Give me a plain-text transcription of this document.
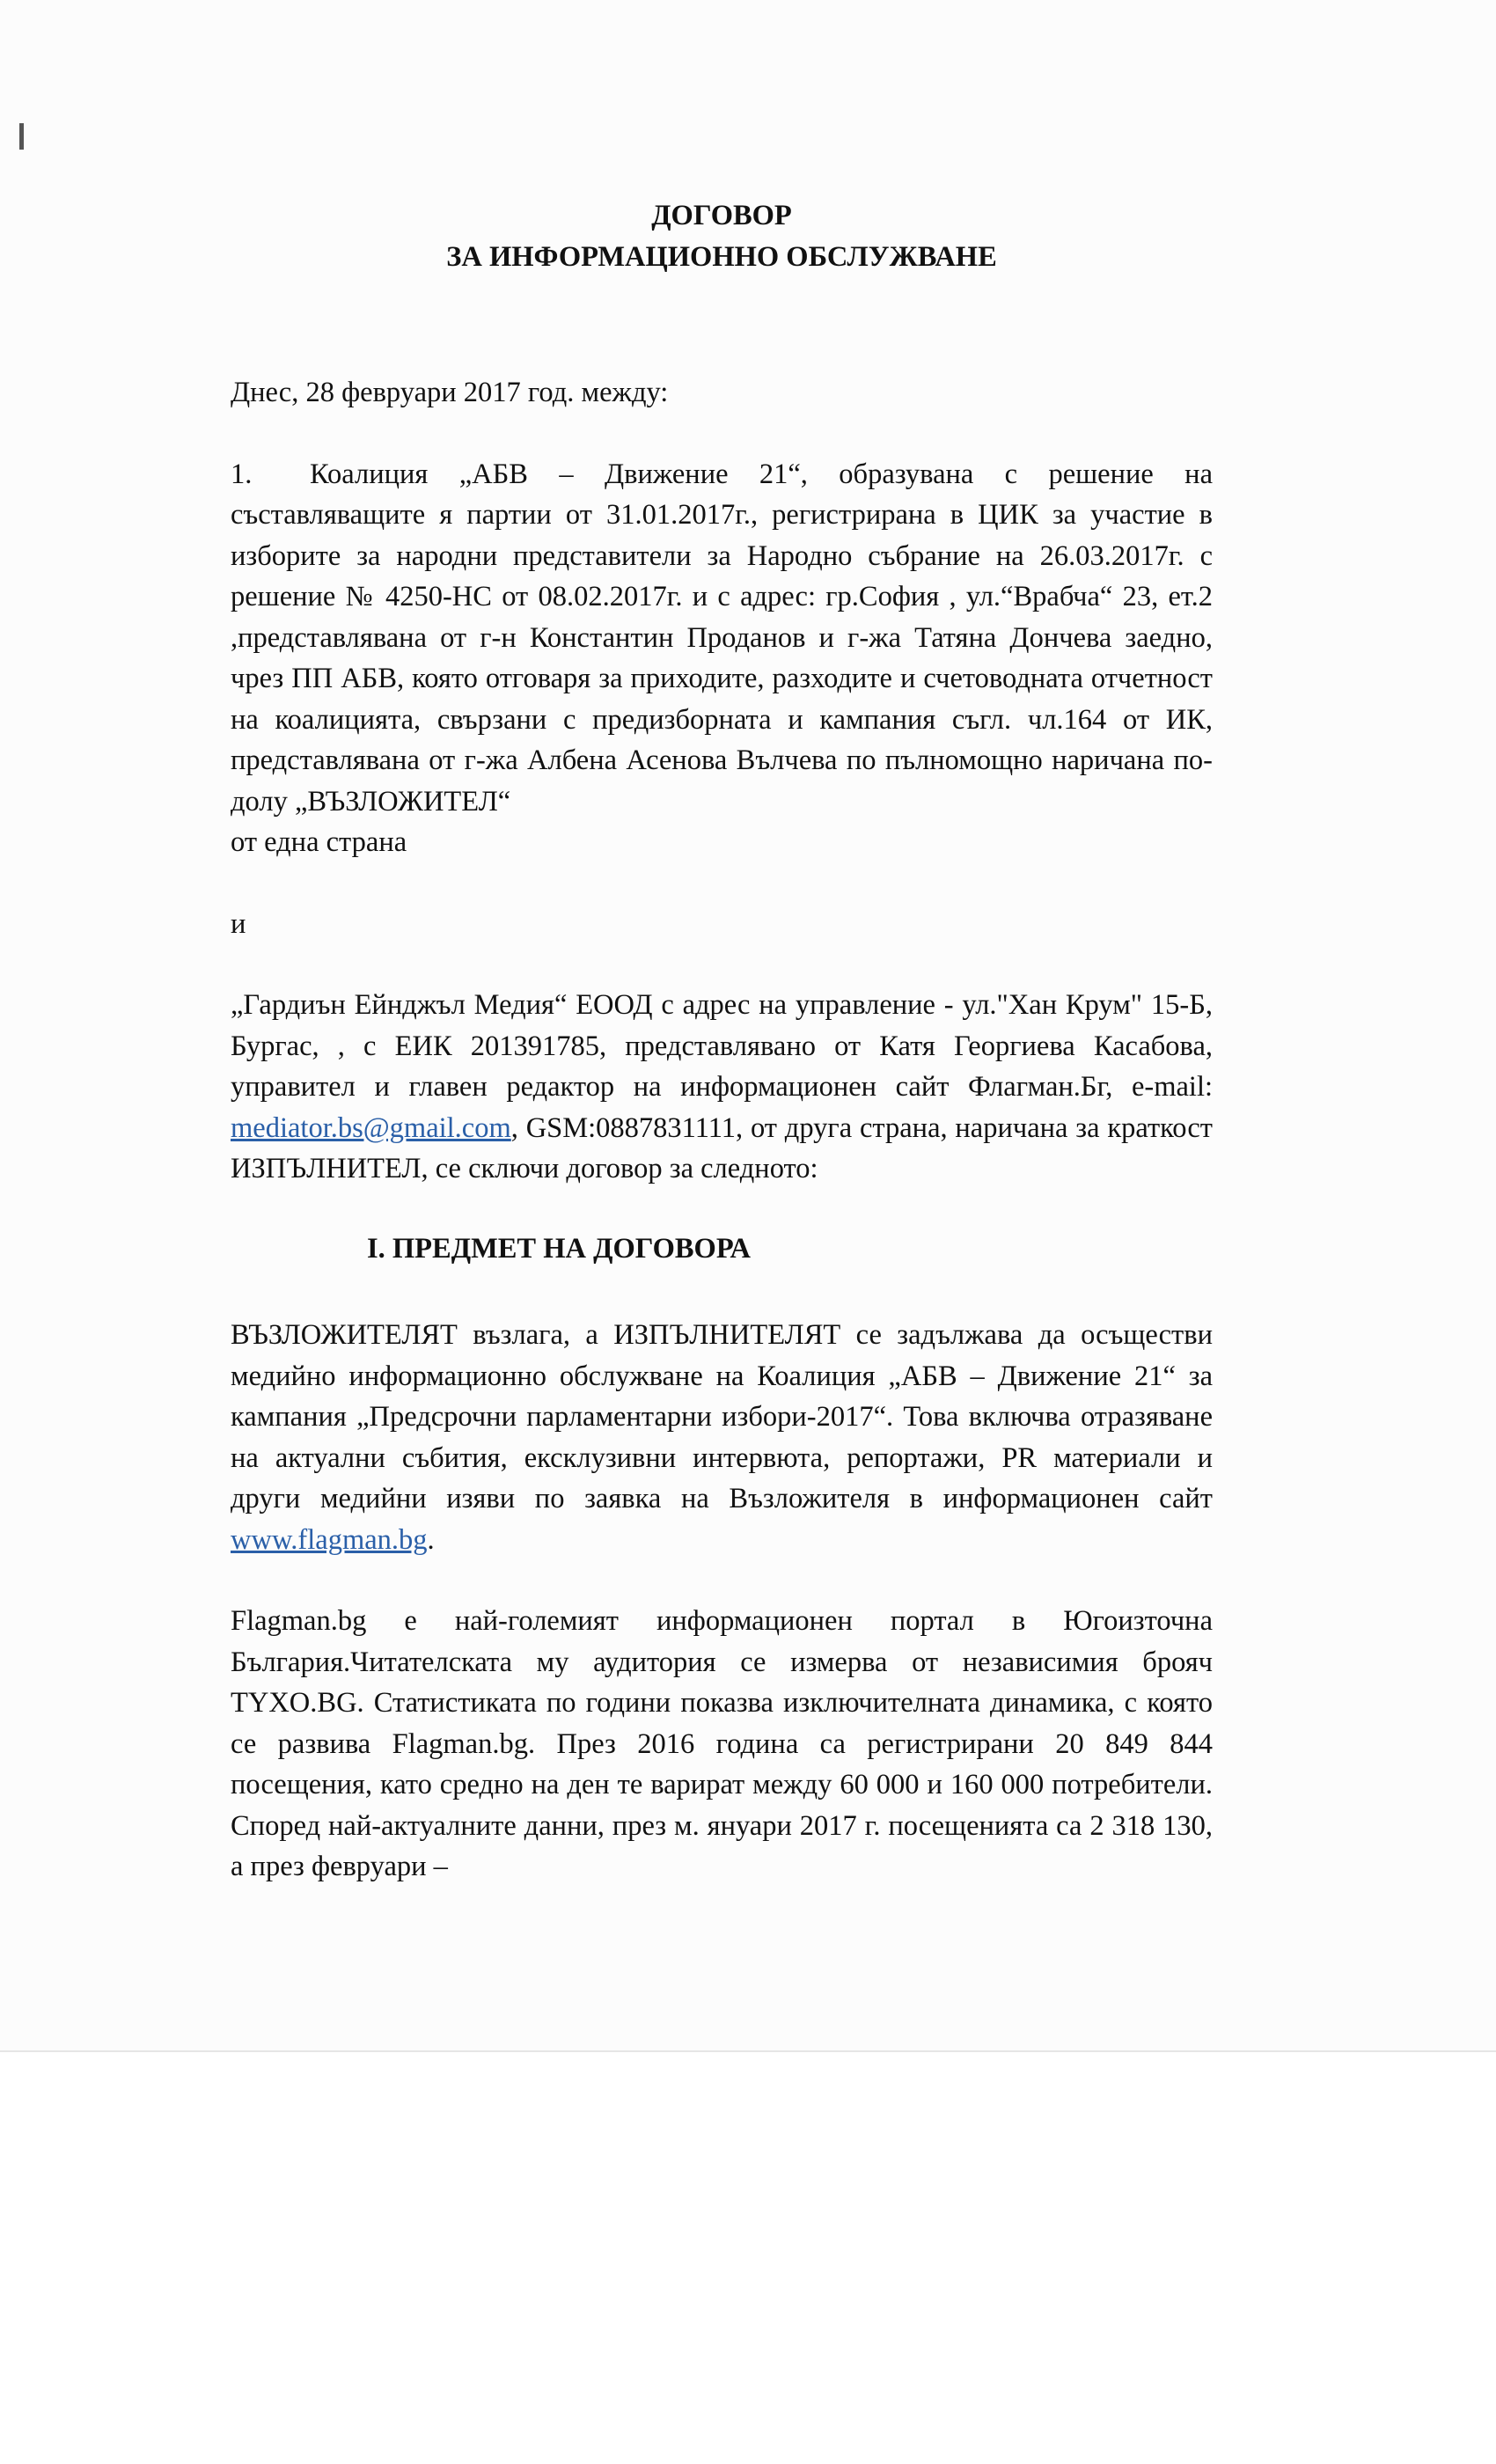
ДОГОВОР

ЗА ИНФОРМАЦИОННО ОБСЛУЖВАНЕ

Днес, 28 февруари 2017 год. между:

1. Коалиция „АБВ – Движение 21“, образувана с решение на съставляващите я партии от 31.01.2017г., регистрирана в ЦИК за участие в изборите за народни представители за Народно събрание на 26.03.2017г. с решение № 4250-НС от 08.02.2017г. и с адрес: гр.София , ул.“Врабча“ 23, ет.2 ,представлявана от г-н Константин Проданов и г-жа Татяна Дончева заедно, чрез ПП АБВ, която отговаря за приходите, разходите и счетоводната отчетност на коалицията, свързани с предизборната и кампания съгл. чл.164 от ИК, представлявана от г-жа Албена Асенова Вълчева по пълномощно наричана по-долу „ВЪЗЛОЖИТЕЛ“

от една страна

и

„Гардиън Ейнджъл Медия“ ЕООД с адрес на управление - ул."Хан Крум" 15-Б, Бургас, , с ЕИК 201391785, представлявано от Катя Георгиева Касабова, управител и главен редактор на информационен сайт Флагман.Бг, e-mail: mediator.bs@gmail.com, GSM:0887831111, от друга страна, наричана за краткост ИЗПЪЛНИТЕЛ, се сключи договор за следното:

I. ПРЕДМЕТ НА ДОГОВОРА

ВЪЗЛОЖИТЕЛЯТ възлага, а ИЗПЪЛНИТЕЛЯТ се задължава да осъществи медийно информационно обслужване на Коалиция „АБВ – Движение 21“ за кампания „Предсрочни парламентарни избори-2017“. Това включва отразяване на актуални събития, ексклузивни интервюта, репортажи, PR материали и други медийни изяви по заявка на Възложителя в информационен сайт www.flagman.bg.

Flagman.bg е най-големият информационен портал в Югоизточна България.Читателската му аудитория се измерва от независимия брояч TYXO.BG. Статистиката по години показва изключителната динамика, с която се развива Flagman.bg. През 2016 година са регистрирани 20 849 844 посещения, като средно на ден те варират между 60 000 и 160 000 потребители. Според най-актуалните данни, през м. януари 2017 г. посещенията са 2 318 130, а през февруари –
